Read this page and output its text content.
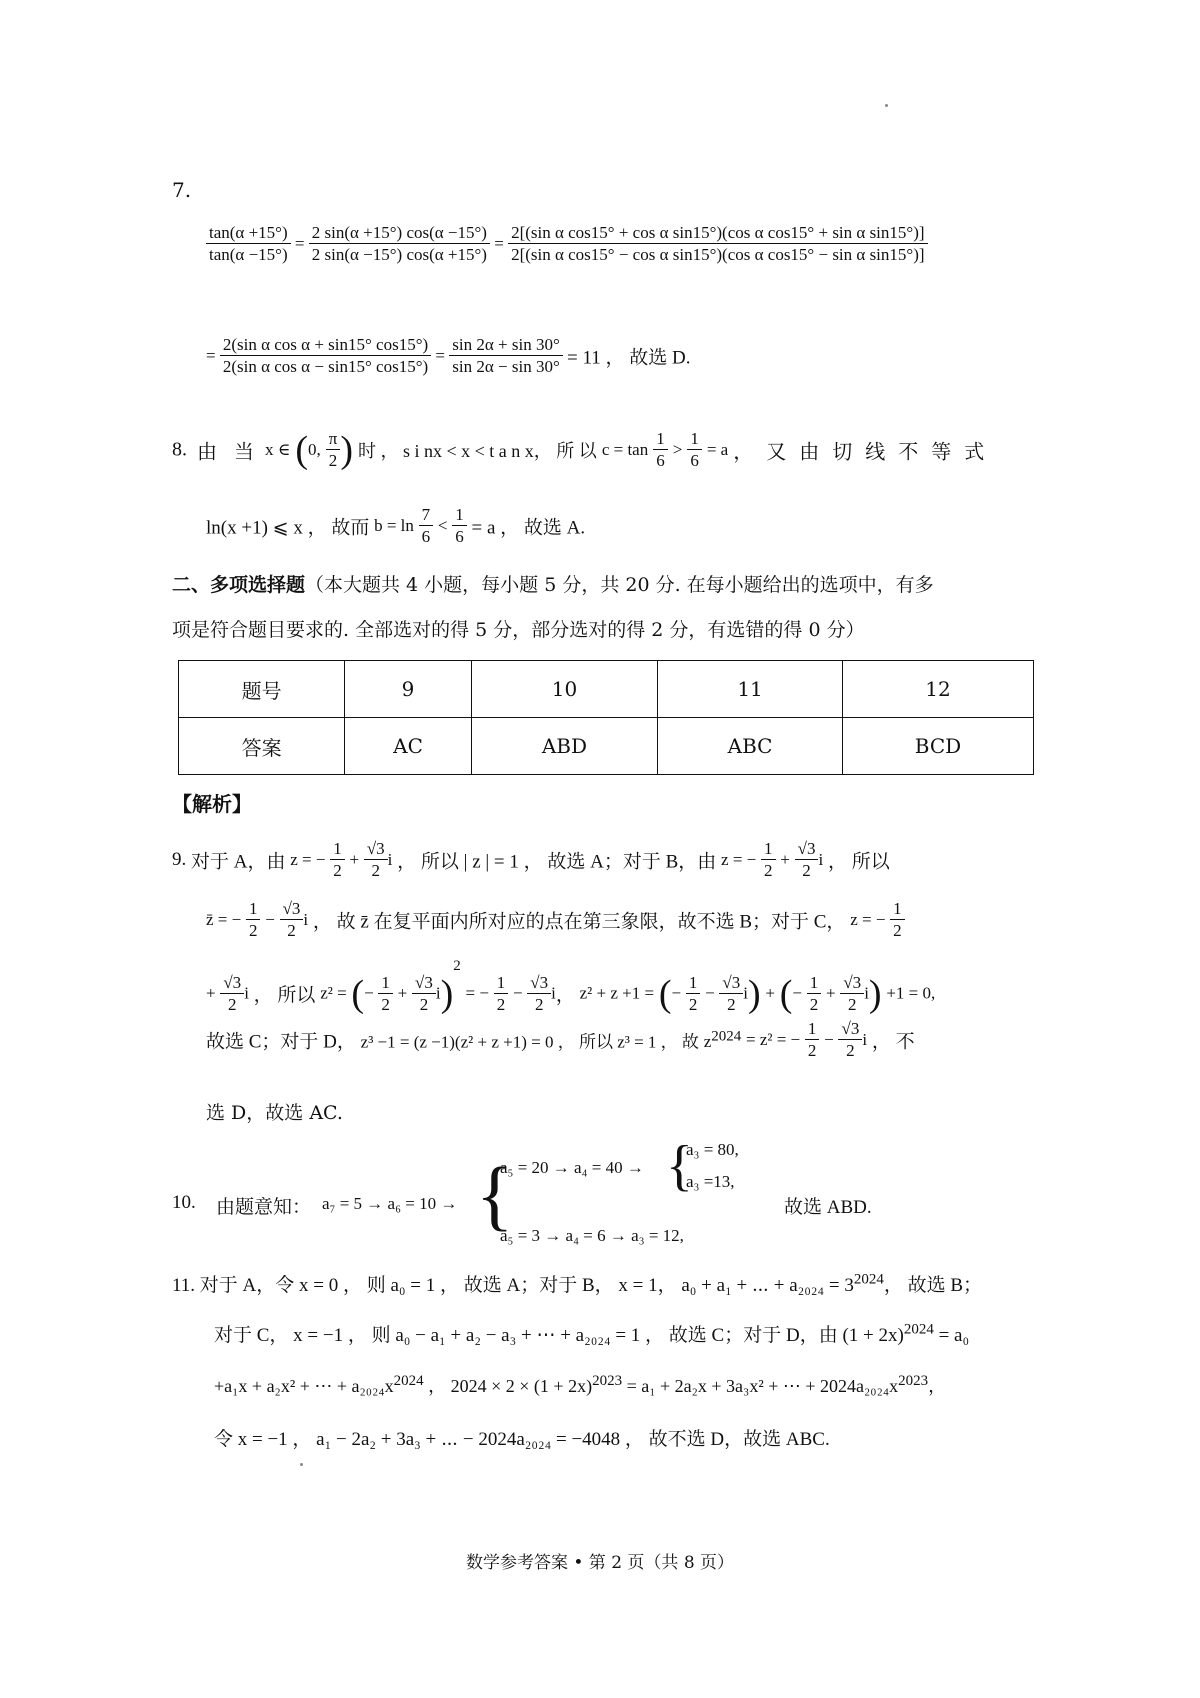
7.
$\frac{\tan(\alpha +15^\circ)}{\tan(\alpha -15^\circ)} = \frac{2 \sin(\alpha +15^\circ) \cos(\alpha -15^\circ)}{2 \sin(\alpha -15^\circ) \cos(\alpha +15^\circ)}$ =
2[(sin α cos15° + cos α sin15°)(cos α cos15° + sin α sin15°)]
2[(sin α cos15° − cos α sin15°)(cos α cos15° − sin α sin15°)]
= $\frac{\text{2(sin α cos α + sin15° cos15°)}}{\text{2(sin α cos α − sin15° cos15°)}} = \frac{\sin 2\alpha + \sin 30^\circ}{\sin 2\alpha - \sin 30^\circ} = 11$ ， 故选 D.
8. 由 当 x ∈ (0, $\frac{\pi}{2}$ ) 时 ， s i nx < x < t a n x， 所 以 $c = \tan \frac{1}{6} > \frac{1}{6} = a$ ， 又 由 切 线 不 等 式
ln(x +1) ⩽ x ， 故而 $b = \ln \frac{7}{6} < \frac{1}{6} = a$ ， 故选 A.
二、多项选择题（本大题共 4 小题，每小题 5 分，共 20 分. 在每小题给出的选项中，有多
项是符合题目要求的. 全部选对的得 5 分，部分选对的得 2 分，有选错的得 0 分）
题号	9	10	11	12
答案	AC	ABD	ABC	BCD
【解析】
9. 对于 A，由 z = − $\frac{1}{2} + \frac{√3}{2}$ i ， 所以 | z | = 1 ， 故选 A；对于 B，由 z = − $\frac{1}{2} + \frac{√3}{2}$ i ， 所以
z̄ = − $\frac{1}{2} - \frac{√3}{2}$ i ， 故 z̄ 在复平面内所对应的点在第三象限，故不选 B；对于 C， z = − $\frac{1}{2}$
+ $\frac{√3}{2}$ i ， 所以 z² = (− $\frac{1}{2} + \frac{√3}{2} i)^2$ = − $\frac{1}{2} - \frac{√3}{2}$ i， z² + z +1 = (− $\frac{1}{2} - \frac{√3}{2} i$) + (− $\frac{1}{2} + \frac{√3}{2} i) +1 = 0$,
故选 C；对于 D， z³ −1 = (z −1)(z² + z +1) = 0 ， 所以 z³ = 1 ， 故 $z^{2024} = z^2$ = − $\frac{1}{2} - \frac{√3}{2}$ i ， 不
选 D，故选 AC.
10. 由题意知： a₇ = 5 → a₆ = 10 → {
a₅ = 20 → a₄ = 40 →
a₅ = 3 → a₄ = 6 → a₃ = 12,
{
a₃ = 80,
a₃ =13,
故选 ABD.
11. 对于 A，令 x = 0 ， 则 a₀ = 1 ， 故选 A；对于 B， x = 1， a₀ + a₁ + ⋯ + $a_{2024} = 3^{2024}$， 故选 B；
对于 C， x = −1 ， 则 a₀ − a₁ + a₂ − a₃ + ⋯ + a₂₀₂₄ = 1 ， 故选 C；对于 D，由 $(1 + 2x)^{2024} = a_0$
+a₁x + a₂x² + ⋯ + $a_{2024}x^{2024}$ ， $2024 \times 2 \times (1 + 2x)^{2023} = a_1 + 2a_2x + 3a_3x^2$ + ⋯ + $2024a_{2024}x^{2023}$，
令 x = −1 ， a₁ − 2a₂ + 3a₃ + ⋯ − 2024a₂₀₂₄ = −4048 ， 故不选 D，故选 ABC.
数学参考答案 • 第 2 页（共 8 页）
